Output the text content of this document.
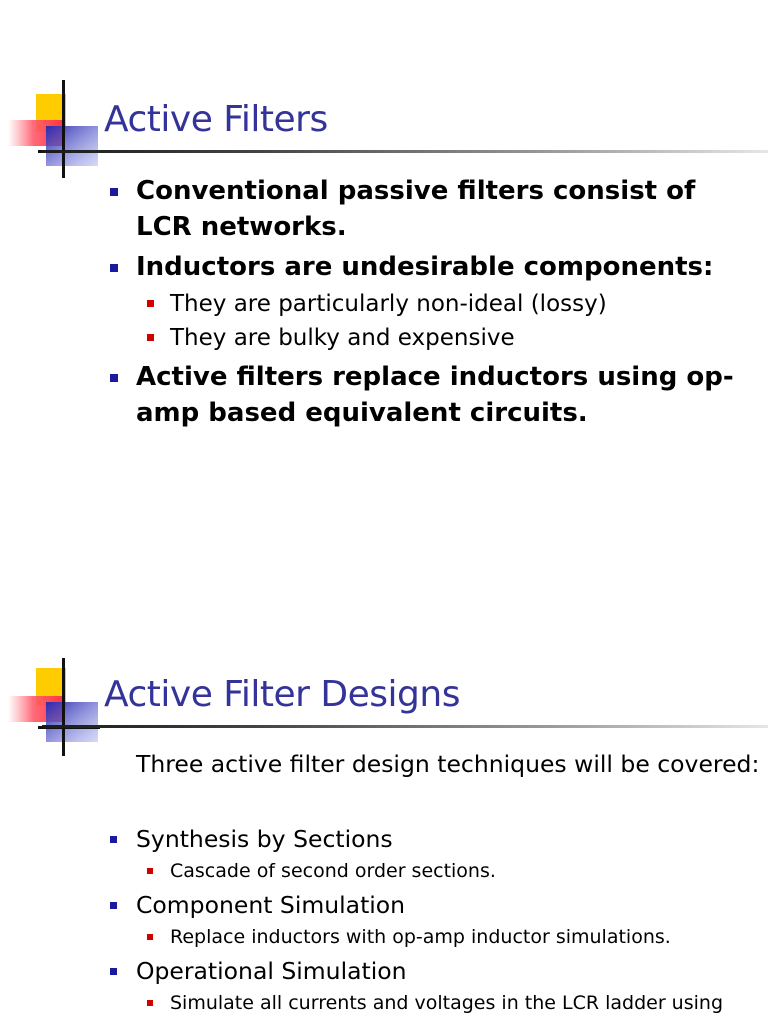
Active Filters
Conventional passive filters consist of LCR networks.
Inductors are undesirable components:
They are particularly non-ideal (lossy)
They are bulky and expensive
Active filters replace inductors using op-amp based equivalent circuits.
Active Filter Designs
Three active filter design techniques will be covered:
Synthesis by Sections
Cascade of second order sections.
Component Simulation
Replace inductors with op-amp inductor simulations.
Operational Simulation
Simulate all currents and voltages in the LCR ladder using
